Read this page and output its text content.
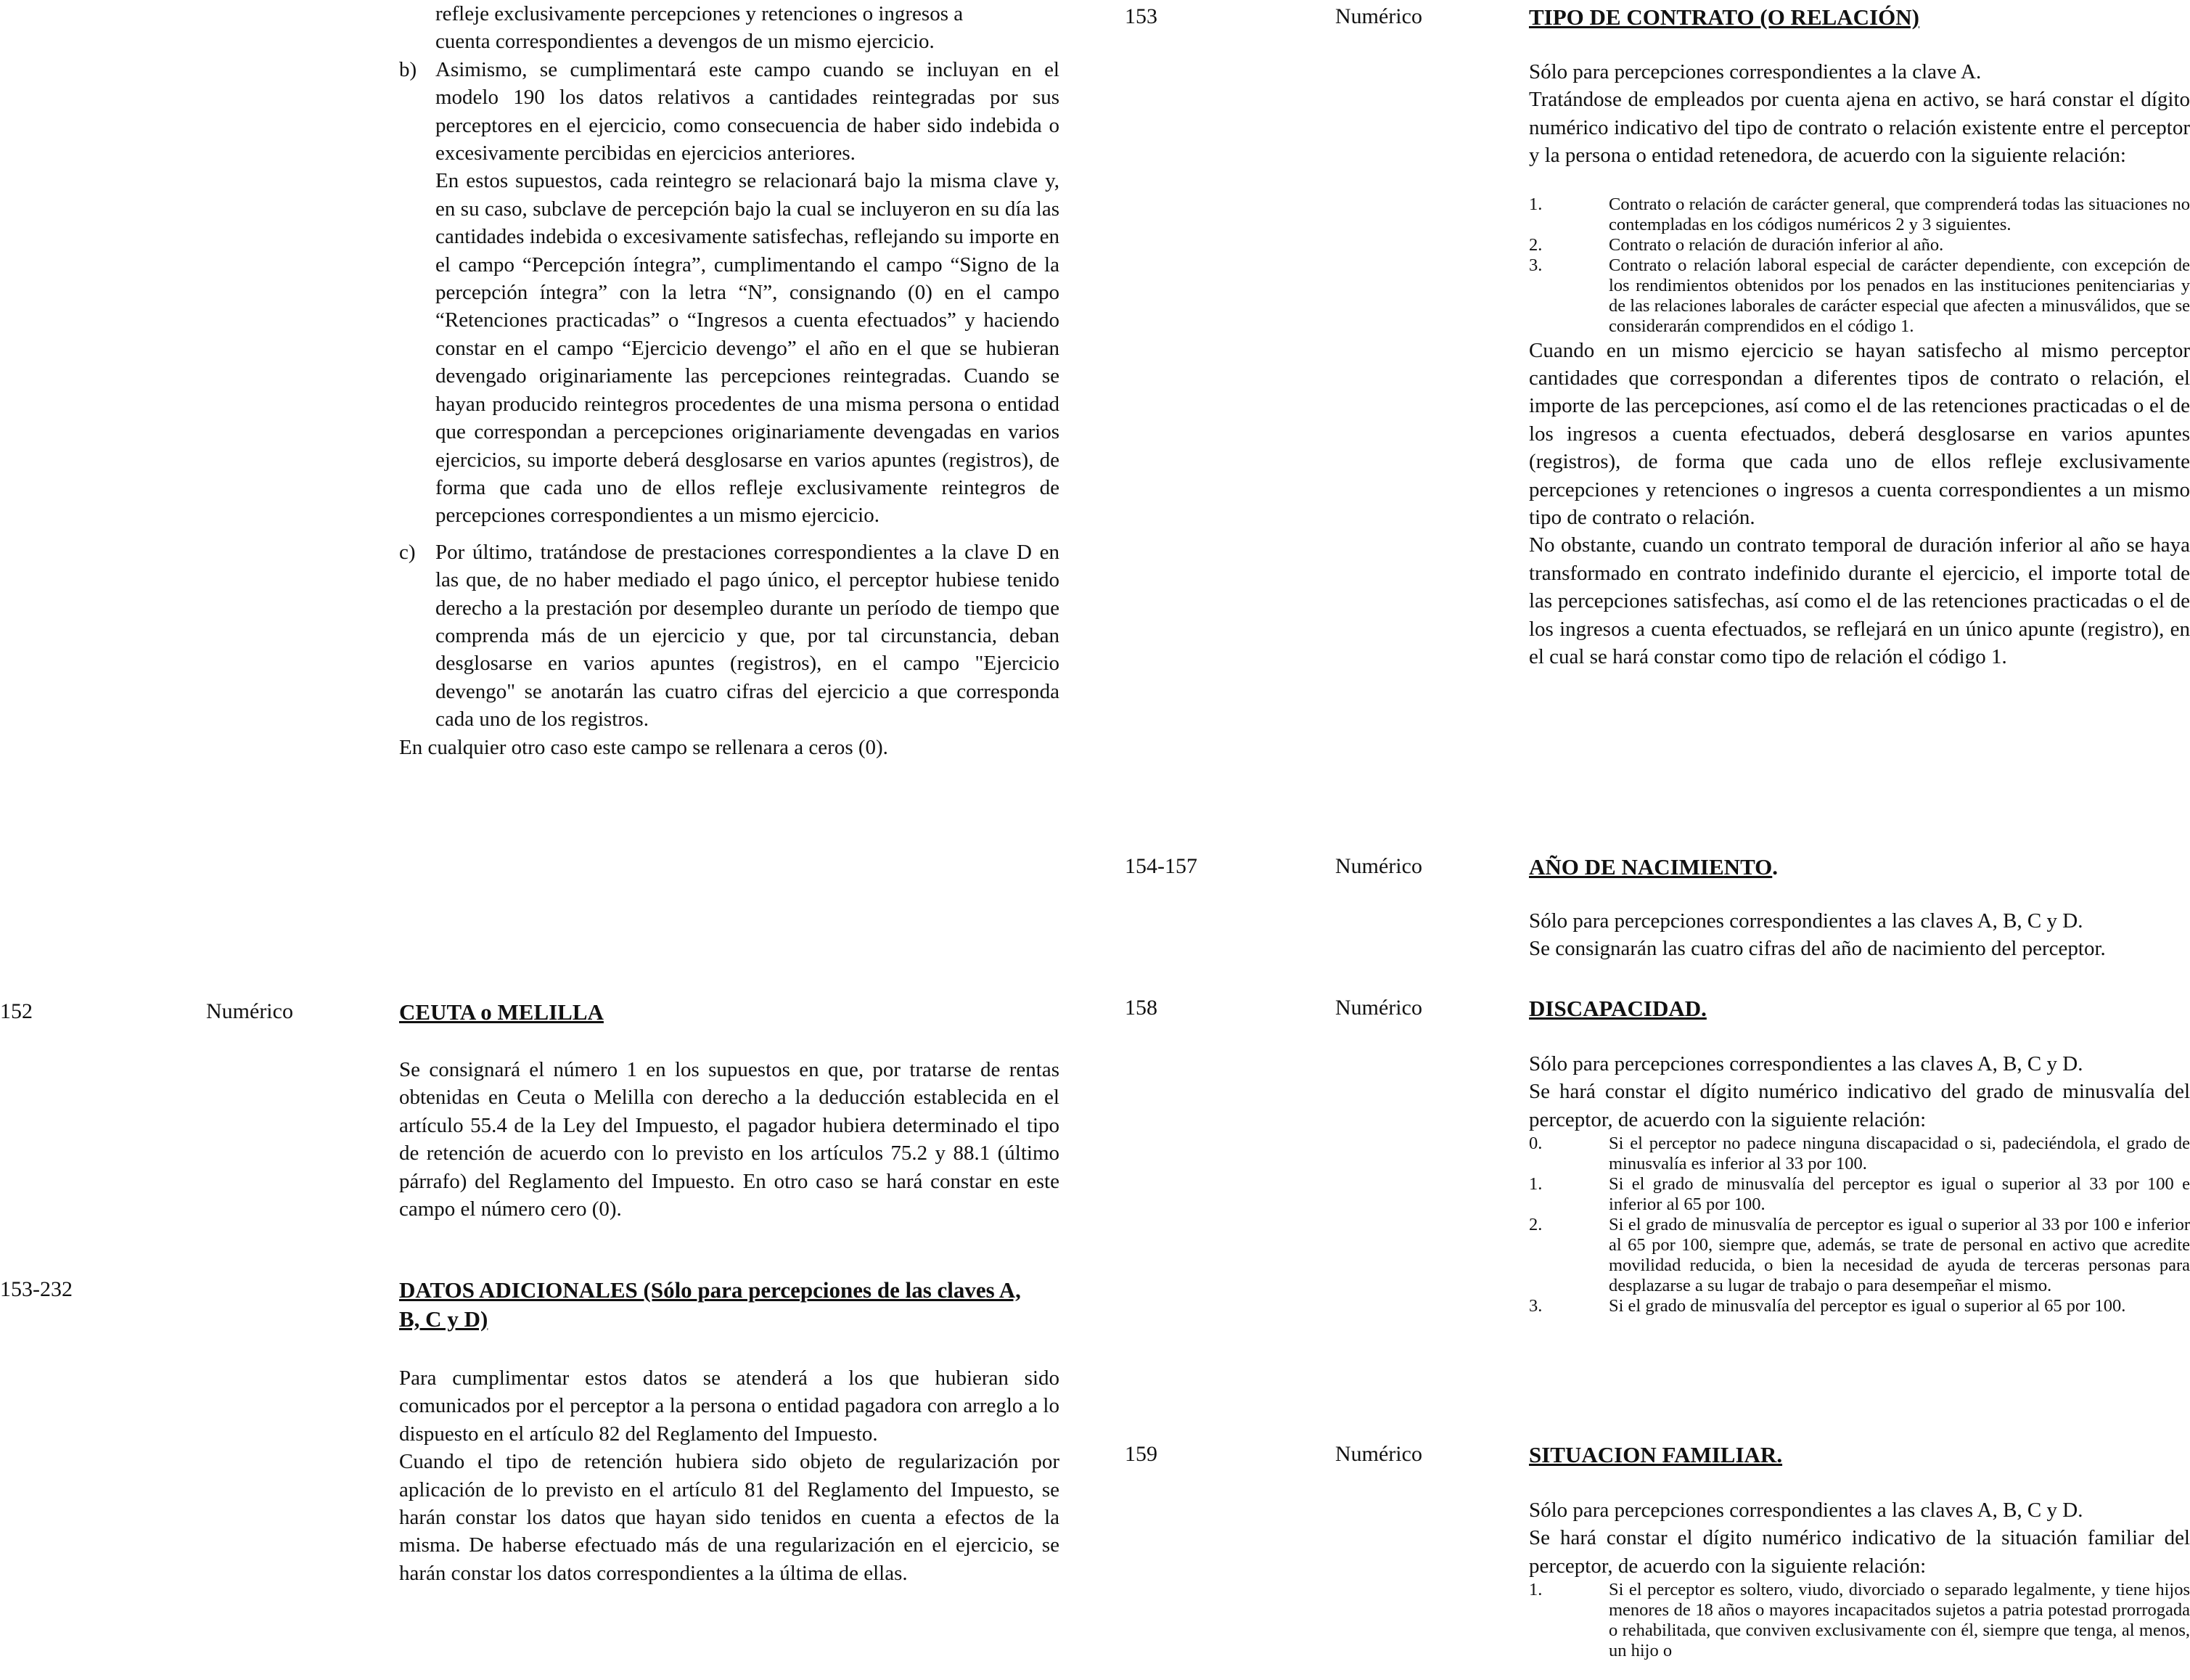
refleje exclusivamente percepciones y retenciones o ingresos a
cuenta correspondientes a devengos de un mismo ejercicio.
b) Asimismo, se cumplimentará este campo cuando se incluyan en el modelo 190 los datos relativos a cantidades reintegradas por sus perceptores en el ejercicio, como consecuencia de haber sido indebida o excesivamente percibidas en ejercicios anteriores.

En estos supuestos, cada reintegro se relacionará bajo la misma clave y, en su caso, subclave de percepción bajo la cual se incluyeron en su día las cantidades indebida o excesivamente satisfechas, reflejando su importe en el campo “Percepción íntegra”, cumplimentando el campo “Signo de la percepción íntegra” con la letra “N”, consignando (0) en el campo “Retenciones practicadas” o “Ingresos a cuenta efectuados” y haciendo constar en el campo “Ejercicio devengo” el año en el que se hubieran devengado originariamente las percepciones reintegradas. Cuando se hayan producido reintegros procedentes de una misma persona o entidad que correspondan a percepciones originariamente devengadas en varios ejercicios, su importe deberá desglosarse en varios apuntes (registros), de forma que cada uno de ellos refleje exclusivamente reintegros de percepciones correspondientes a un mismo ejercicio.

c) Por último, tratándose de prestaciones correspondientes a la clave D en las que, de no haber mediado el pago único, el perceptor hubiese tenido derecho a la prestación por desempleo durante un período de tiempo que comprenda más de un ejercicio y que, por tal circunstancia, deban desglosarse en varios apuntes (registros), en el campo "Ejercicio devengo" se anotarán las cuatro cifras del ejercicio a que corresponda cada uno de los registros.

En cualquier otro caso este campo se rellenara a ceros (0).

152	Numérico	CEUTA o MELILLA
Se consignará el número 1 en los supuestos en que, por tratarse de rentas obtenidas en Ceuta o Melilla con derecho a la deducción establecida en el artículo 55.4 de la Ley del Impuesto, el pagador hubiera determinado el tipo de retención de acuerdo con lo previsto en los artículos 75.2 y 88.1 (último párrafo) del Reglamento del Impuesto. En otro caso se hará constar en este campo el número cero (0).
153-232	DATOS ADICIONALES (Sólo para percepciones de las claves A, B, C y D)

Para cumplimentar estos datos se atenderá a los que hubieran sido comunicados por el perceptor a la persona o entidad pagadora con arreglo a lo dispuesto en el artículo 82 del Reglamento del Impuesto.

Cuando el tipo de retención hubiera sido objeto de regularización por aplicación de lo previsto en el artículo 81 del Reglamento del Impuesto, se harán constar los datos que hayan sido tenidos en cuenta a efectos de la misma. De haberse efectuado más de una regularización en el ejercicio, se harán constar los datos correspondientes a la última de ellas.

153	Numérico	TIPO DE CONTRATO (O RELACIÓN)

Sólo para percepciones correspondientes a la clave A.

Tratándose de empleados por cuenta ajena en activo, se hará constar el dígito numérico indicativo del tipo de contrato o relación existente entre el perceptor y la persona o entidad retenedora, de acuerdo con la siguiente relación:

1.	Contrato o relación de carácter general, que comprenderá todas las situaciones no contempladas en los códigos numéricos 2 y 3 siguientes.
2.	Contrato o relación de duración inferior al año.
3.	Contrato o relación laboral especial de carácter dependiente, con excepción de los rendimientos obtenidos por los penados en las instituciones penitenciarias y de las relaciones laborales de carácter especial que afecten a minusválidos, que se considerarán comprendidos en el código 1.

Cuando en un mismo ejercicio se hayan satisfecho al mismo perceptor cantidades que correspondan a diferentes tipos de contrato o relación, el importe de las percepciones, así como el de las retenciones practicadas o el de los ingresos a cuenta efectuados, deberá desglosarse en varios apuntes (registros), de forma que cada uno de ellos refleje exclusivamente percepciones y retenciones o ingresos a cuenta correspondientes a un mismo tipo de contrato o relación.

No obstante, cuando un contrato temporal de duración inferior al año se haya transformado en contrato indefinido durante el ejercicio, el importe total de las percepciones satisfechas, así como el de las retenciones practicadas o el de los ingresos a cuenta efectuados, se reflejará en un único apunte (registro), en el cual se hará constar como tipo de relación el código 1.

154-157	Numérico	AÑO DE NACIMIENTO.
Sólo para percepciones correspondientes a las claves A, B, C y D.
Se consignarán las cuatro cifras del año de nacimiento del perceptor.
158	Numérico	DISCAPACIDAD.

Sólo para percepciones correspondientes a las claves A, B, C y D.

Se hará constar el dígito numérico indicativo del grado de minusvalía del perceptor, de acuerdo con la siguiente relación:

0.	Si el perceptor no padece ninguna discapacidad o si, padeciéndola, el grado de minusvalía es inferior al 33 por 100.
1.	Si el grado de minusvalía del perceptor es igual o superior al 33 por 100 e inferior al 65 por 100.
2.	Si el grado de minusvalía de perceptor es igual o superior al 33 por 100 e inferior al 65 por 100, siempre que, además, se trate de personal en activo que acredite movilidad reducida, o bien la necesidad de ayuda de terceras personas para desplazarse a su lugar de trabajo o para desempeñar el mismo.
3.	Si el grado de minusvalía del perceptor es igual o superior al 65 por 100.
159	Numérico	SITUACION FAMILIAR.

Sólo para percepciones correspondientes a las claves A, B, C y D.

Se hará constar el dígito numérico indicativo de la situación familiar del perceptor, de acuerdo con la siguiente relación:

1.	Si el perceptor es soltero, viudo, divorciado o separado legalmente, y tiene hijos menores de 18 años o mayores incapacitados sujetos a patria potestad prorrogada o rehabilitada, que conviven exclusivamente con él, siempre que tenga, al menos, un hijo o
